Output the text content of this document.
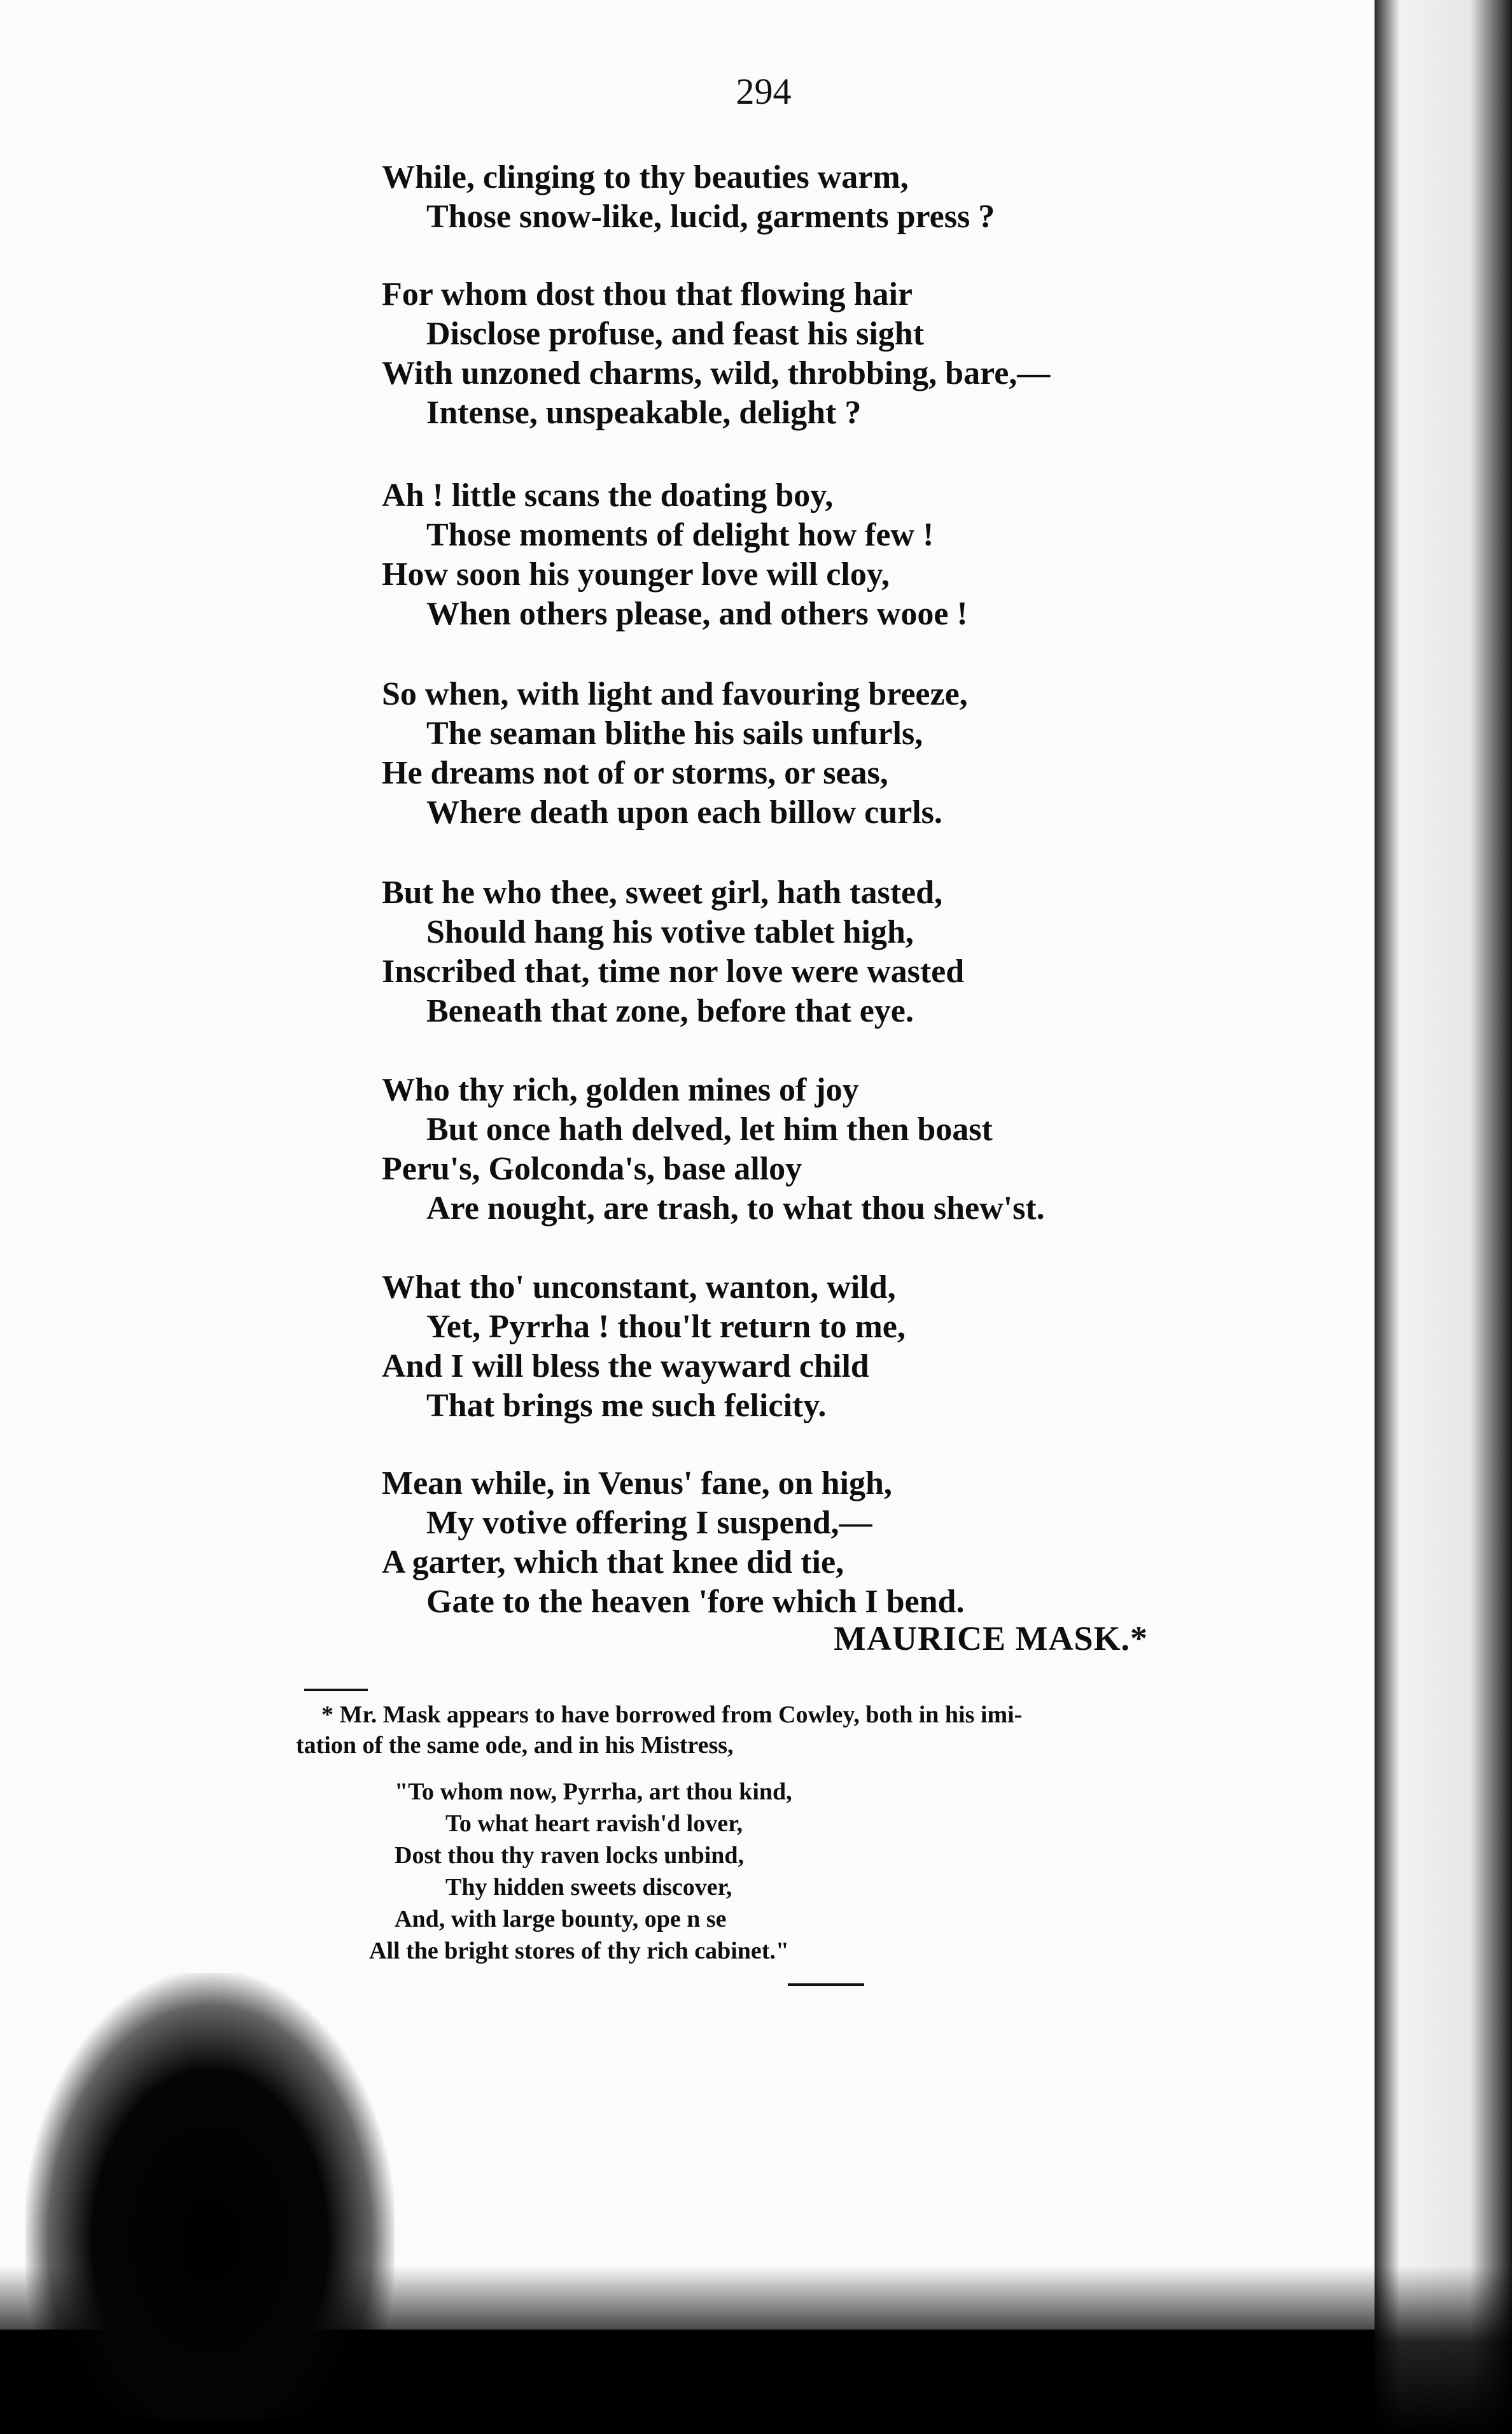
294
While, clinging to thy beauties warm,
Those snow-like, lucid, garments press ?
For whom dost thou that flowing hair
Disclose profuse, and feast his sight
With unzoned charms, wild, throbbing, bare,—
Intense, unspeakable, delight ?
Ah ! little scans the doating boy,
Those moments of delight how few !
How soon his younger love will cloy,
When others please, and others wooe !
So when, with light and favouring breeze,
The seaman blithe his sails unfurls,
He dreams not of or storms, or seas,
Where death upon each billow curls.
But he who thee, sweet girl, hath tasted,
Should hang his votive tablet high,
Inscribed that, time nor love were wasted
Beneath that zone, before that eye.
Who thy rich, golden mines of joy
But once hath delved, let him then boast
Peru's, Golconda's, base alloy
Are nought, are trash, to what thou shew'st.
What tho' unconstant, wanton, wild,
Yet, Pyrrha ! thou'lt return to me,
And I will bless the wayward child
That brings me such felicity.
Mean while, in Venus' fane, on high,
My votive offering I suspend,—
A garter, which that knee did tie,
Gate to the heaven 'fore which I bend.
MAURICE MASK.*
* Mr. Mask appears to have borrowed from Cowley, both in his imi-
tation of the same ode, and in his Mistress,
"To whom now, Pyrrha, art thou kind,
To what heart ravish'd lover,
Dost thou thy raven locks unbind,
Thy hidden sweets discover,
And, with large bounty, ope n se
All the bright stores of thy rich cabinet."
